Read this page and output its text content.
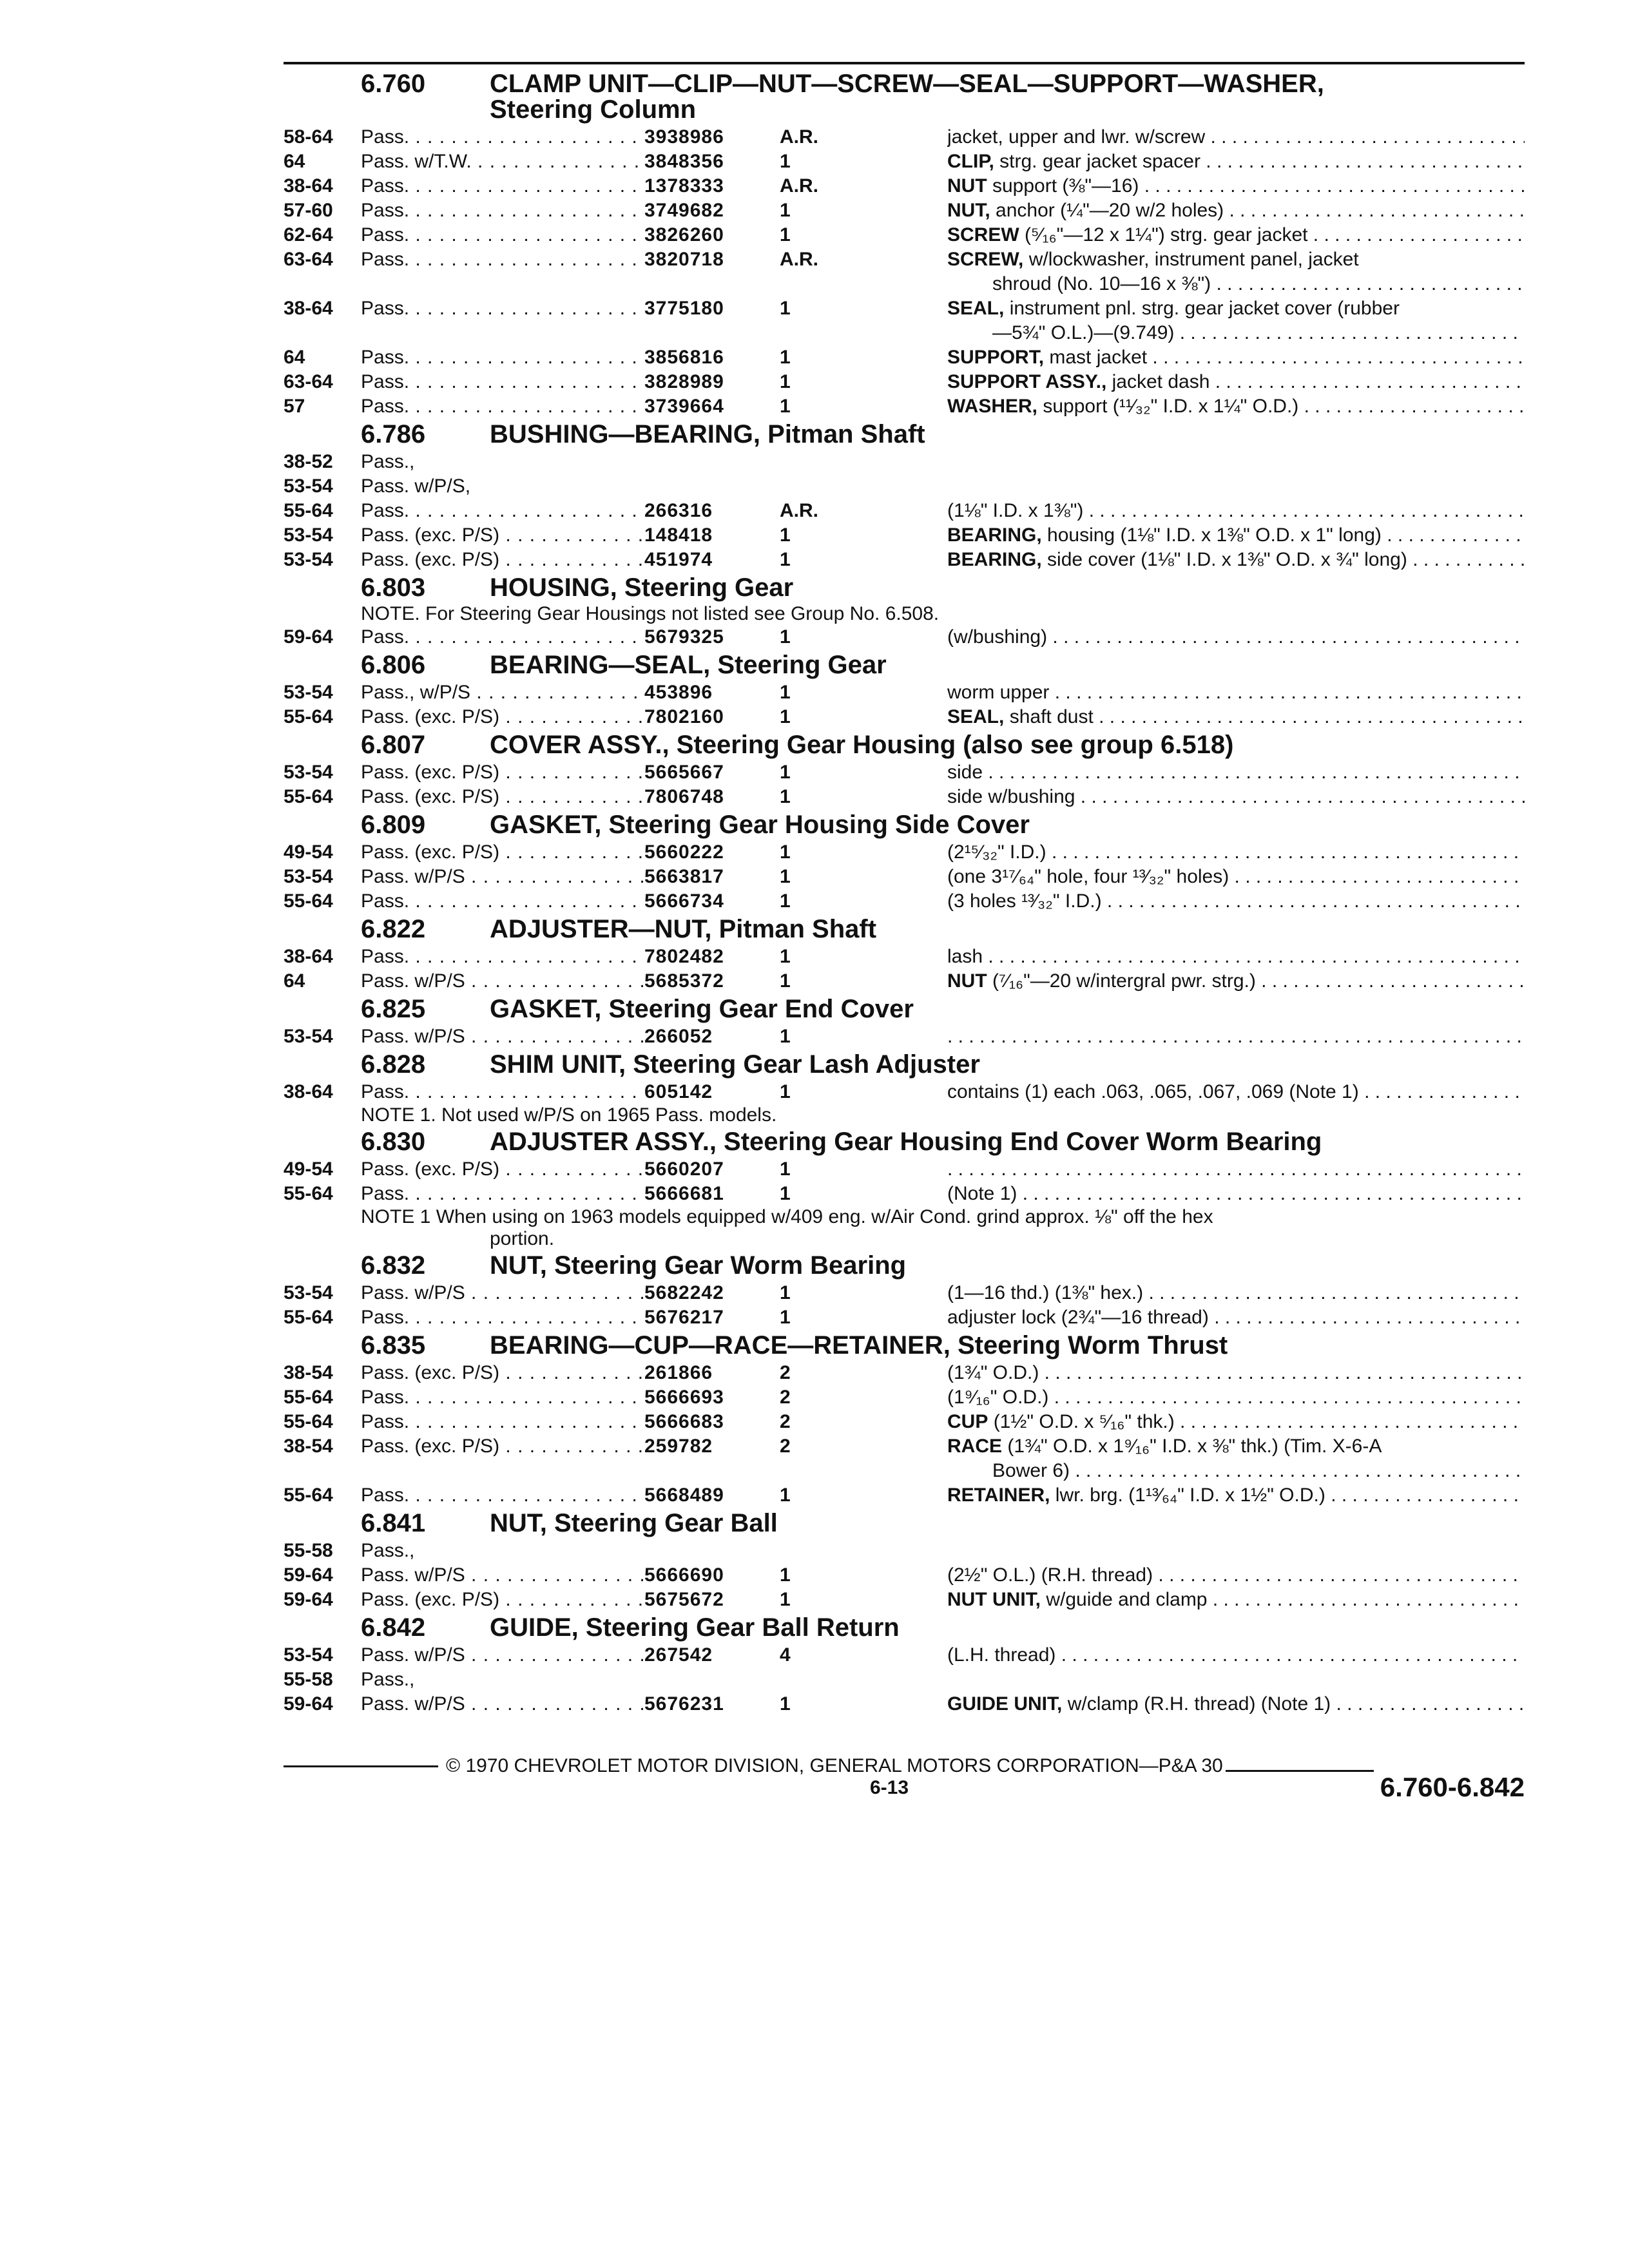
6.760	CLAMP UNIT—CLIP—NUT—SCREW—SEAL—SUPPORT—WASHER,
Steering Column
58-64	Pass. . . .	3938986	A.R.	jacket, upper and lwr. w/screw . . .
64	Pass. w/T.W. . . .	3848356	1	CLIP, strg. gear jacket spacer . . .
38-64	Pass. . . .	1378333	A.R.	NUT support (⅜"—16) . . .
57-60	Pass. . . .	3749682	1	NUT, anchor (¼"—20 w/2 holes) . . .
62-64	Pass. . . .	3826260	1	SCREW (⁵⁄₁₆"—12 x 1¼") strg. gear jacket . . .
63-64	Pass. . . .	3820718	A.R.	SCREW, w/lockwasher, instrument panel, jacket
shroud (No. 10—16 x ⅜") . . .
38-64	Pass. . . .	3775180	1	SEAL, instrument pnl. strg. gear jacket cover (rubber
—5¾" O.L.)—(9.749) . . .
64	Pass. . . .	3856816	1	SUPPORT, mast jacket . . .
63-64	Pass. . . .	3828989	1	SUPPORT ASSY., jacket dash . . .
57	Pass. . . .	3739664	1	WASHER, support (¹¹⁄₃₂" I.D. x 1¼" O.D.) . . .
6.786	BUSHING—BEARING, Pitman Shaft
38-52	Pass.,
53-54	Pass. w/P/S,
55-64	Pass. . . .	266316	A.R.	(1⅛" I.D. x 1⅜") . . .
53-54	Pass. (exc. P/S) . . .	148418	1	BEARING, housing (1⅛" I.D. x 1⅜" O.D. x 1" long) . . .
53-54	Pass. (exc. P/S) . . .	451974	1	BEARING, side cover (1⅛" I.D. x 1⅜" O.D. x ¾" long) . . .
6.803	HOUSING, Steering Gear
NOTE. For Steering Gear Housings not listed see Group No. 6.508.
59-64	Pass. . . .	5679325	1	(w/bushing) . . .
6.806	BEARING—SEAL, Steering Gear
53-54	Pass., w/P/S . . .	453896	1	worm upper . . .
55-64	Pass. (exc. P/S) . . .	7802160	1	SEAL, shaft dust . . .
6.807	COVER ASSY., Steering Gear Housing (also see group 6.518)
53-54	Pass. (exc. P/S) . . .	5665667	1	side . . .
55-64	Pass. (exc. P/S) . . .	7806748	1	side w/bushing . . .
6.809	GASKET, Steering Gear Housing Side Cover
49-54	Pass. (exc. P/S) . . .	5660222	1	(2¹⁵⁄₃₂" I.D.) . . .
53-54	Pass. w/P/S . . .	5663817	1	(one 3¹⁷⁄₆₄" hole, four ¹³⁄₃₂" holes) . . .
55-64	Pass. . . .	5666734	1	(3 holes ¹³⁄₃₂" I.D.) . . .
6.822	ADJUSTER—NUT, Pitman Shaft
38-64	Pass. . . .	7802482	1	lash . . .
64	Pass. w/P/S . . .	5685372	1	NUT (⁷⁄₁₆"—20 w/intergral pwr. strg.) . . .
6.825	GASKET, Steering Gear End Cover
53-54	Pass. w/P/S . . .	266052	1
. . .
6.828	SHIM UNIT, Steering Gear Lash Adjuster
38-64	Pass. . . .	605142	1	contains (1) each .063, .065, .067, .069 (Note 1) . . .
NOTE 1. Not used w/P/S on 1965 Pass. models.
6.830	ADJUSTER ASSY., Steering Gear Housing End Cover Worm Bearing
49-54	Pass. (exc. P/S) . . .	5660207	1
. . .
55-64	Pass. . . .	5666681	1	(Note 1) . . .
NOTE 1 When using on 1963 models equipped w/409 eng. w/Air Cond. grind approx. ⅛" off the hex
portion.
6.832	NUT, Steering Gear Worm Bearing
53-54	Pass. w/P/S . . .	5682242	1	(1—16 thd.) (1⅜" hex.) . . .
55-64	Pass. . . .	5676217	1	adjuster lock (2¾"—16 thread) . . .
6.835	BEARING—CUP—RACE—RETAINER, Steering Worm Thrust
38-54	Pass. (exc. P/S) . . .	261866	2	(1¾" O.D.) . . .
55-64	Pass. . . .	5666693	2	(1⁹⁄₁₆" O.D.) . . .
55-64	Pass. . . .	5666683	2	CUP (1½" O.D. x ⁵⁄₁₆" thk.) . . .
38-54	Pass. (exc. P/S) . . .	259782	2	RACE (1¾" O.D. x 1⁹⁄₁₆" I.D. x ⅜" thk.) (Tim. X-6-A
Bower 6) . . .
55-64	Pass. . . .	5668489	1	RETAINER, lwr. brg. (1¹³⁄₆₄" I.D. x 1½" O.D.) . . .
6.841	NUT, Steering Gear Ball
55-58	Pass.,
59-64	Pass. w/P/S . . .	5666690	1	(2½" O.L.) (R.H. thread) . . .
59-64	Pass. (exc. P/S) . . .	5675672	1	NUT UNIT, w/guide and clamp . . .
6.842	GUIDE, Steering Gear Ball Return
53-54	Pass. w/P/S . . .	267542	4	(L.H. thread) . . .
55-58	Pass.,
59-64	Pass. w/P/S . . .	5676231	1	GUIDE UNIT, w/clamp (R.H. thread) (Note 1) . . .
© 1970 CHEVROLET MOTOR DIVISION, GENERAL MOTORS CORPORATION—P&A 30
6-13	6.760-6.842
